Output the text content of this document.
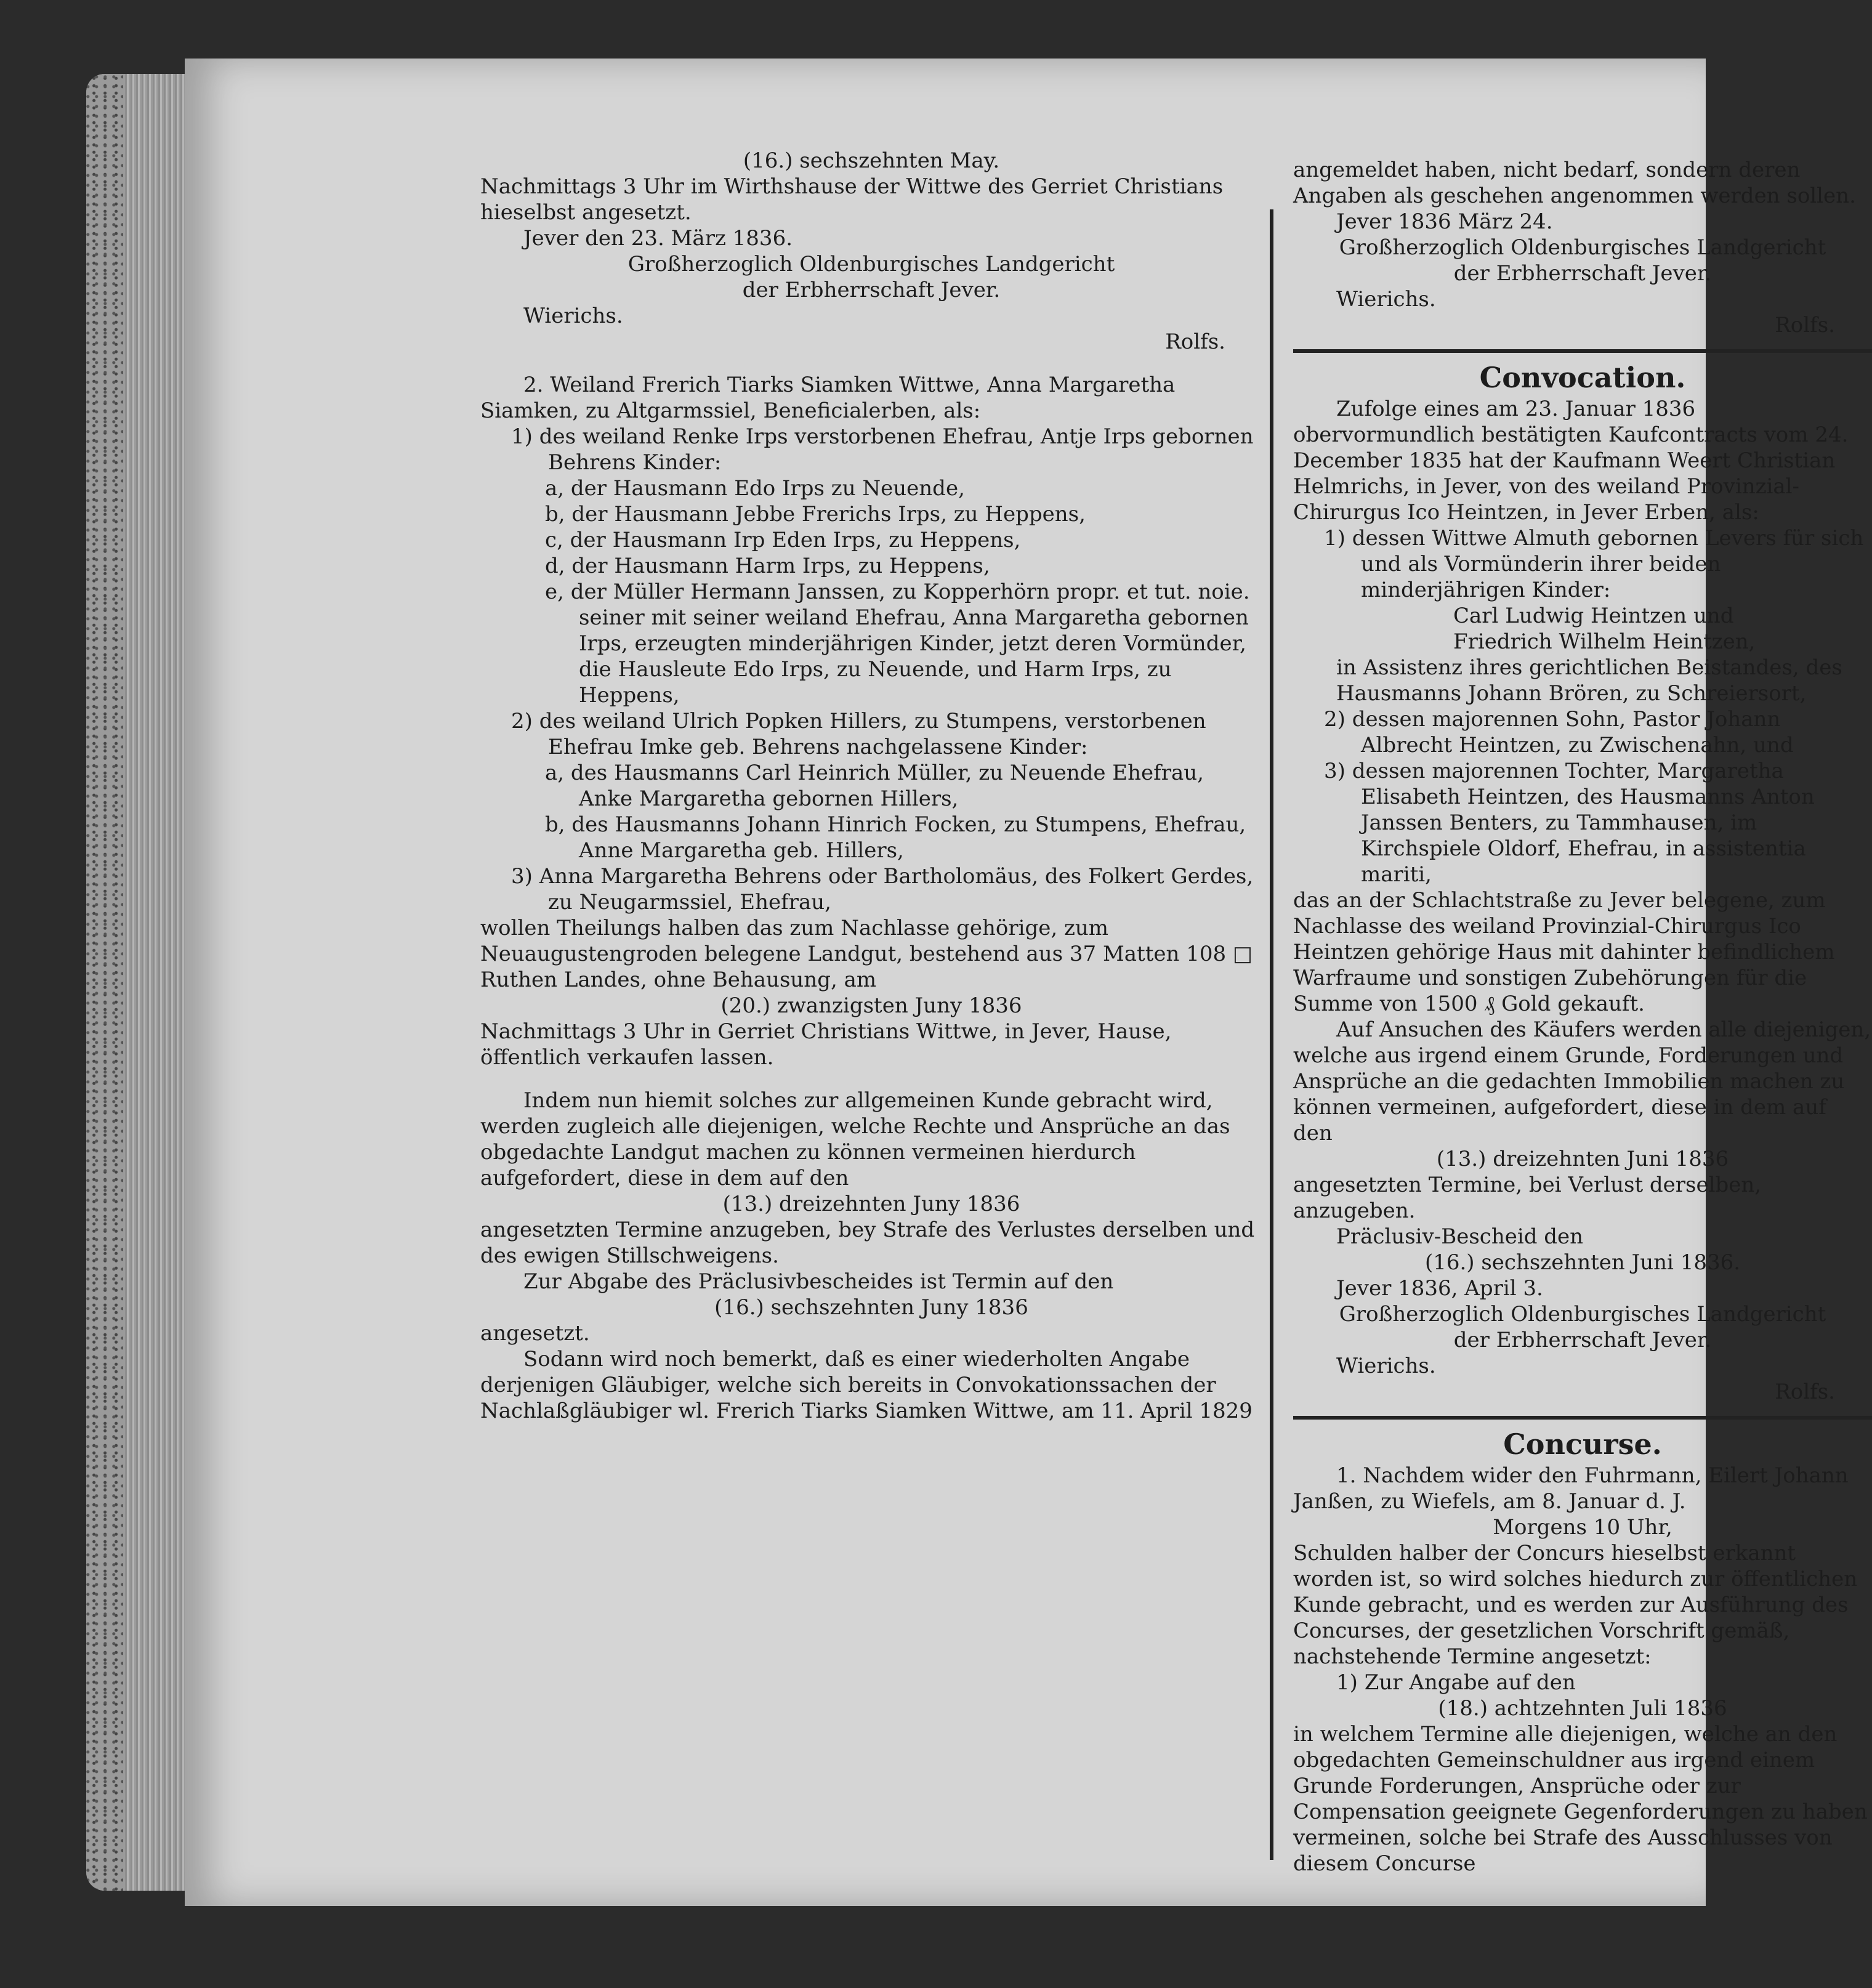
(16.) sechszehnten May.

Nachmittags 3 Uhr im Wirthshause der Wittwe des Gerriet Christians hieselbst angesetzt.

Jever den 23. März 1836.

Großherzoglich Oldenburgisches Landgericht

der Erbherrschaft Jever.

Wierichs.

Rolfs.

2. Weiland Frerich Tiarks Siamken Wittwe, Anna Margaretha Siamken, zu Altgarmssiel, Beneficialerben, als:

1) des weiland Renke Irps verstorbenen Ehefrau, Antje Irps gebornen Behrens Kinder:

a, der Hausmann Edo Irps zu Neuende,

b, der Hausmann Jebbe Frerichs Irps, zu Heppens,

c, der Hausmann Irp Eden Irps, zu Heppens,

d, der Hausmann Harm Irps, zu Heppens,

e, der Müller Hermann Janssen, zu Kopperhörn propr. et tut. noie. seiner mit seiner weiland Ehefrau, Anna Margaretha gebornen Irps, erzeugten minderjährigen Kinder, jetzt deren Vormünder, die Hausleute Edo Irps, zu Neuende, und Harm Irps, zu Heppens,

2) des weiland Ulrich Popken Hillers, zu Stumpens, verstorbenen Ehefrau Imke geb. Behrens nachgelassene Kinder:

a, des Hausmanns Carl Heinrich Müller, zu Neuende Ehefrau, Anke Margaretha gebornen Hillers,

b, des Hausmanns Johann Hinrich Focken, zu Stumpens, Ehefrau, Anne Margaretha geb. Hillers,

3) Anna Margaretha Behrens oder Bartholomäus, des Folkert Gerdes, zu Neugarmssiel, Ehefrau,

wollen Theilungs halben das zum Nachlasse gehörige, zum Neuaugustengroden belegene Landgut, bestehend aus 37 Matten 108 □ Ruthen Landes, ohne Behausung, am

(20.) zwanzigsten Juny 1836

Nachmittags 3 Uhr in Gerriet Christians Wittwe, in Jever, Hause, öffentlich verkaufen lassen.

Indem nun hiemit solches zur allgemeinen Kunde gebracht wird, werden zugleich alle diejenigen, welche Rechte und Ansprüche an das obgedachte Landgut machen zu können vermeinen hierdurch aufgefordert, diese in dem auf den

(13.) dreizehnten Juny 1836

angesetzten Termine anzugeben, bey Strafe des Verlustes derselben und des ewigen Stillschweigens.

Zur Abgabe des Präclusivbescheides ist Termin auf den

(16.) sechszehnten Juny 1836

angesetzt.

Sodann wird noch bemerkt, daß es einer wiederholten Angabe derjenigen Gläubiger, welche sich bereits in Convokationssachen der Nachlaßgläubiger wl. Frerich Tiarks Siamken Wittwe, am 11. April 1829

angemeldet haben, nicht bedarf, sondern deren Angaben als geschehen angenommen werden sollen.

Jever 1836 März 24.

Großherzoglich Oldenburgisches Landgericht

der Erbherrschaft Jever.

Wierichs.

Rolfs.

Convocation.

Zufolge eines am 23. Januar 1836 obervormundlich bestätigten Kaufcontracts vom 24. December 1835 hat der Kaufmann Weert Christian Helmrichs, in Jever, von des weiland Provinzial-Chirurgus Ico Heintzen, in Jever Erben, als:

1) dessen Wittwe Almuth gebornen Levers für sich und als Vormünderin ihrer beiden minderjährigen Kinder:

Carl Ludwig Heintzen und

Friedrich Wilhelm Heintzen,

in Assistenz ihres gerichtlichen Beistandes, des Hausmanns Johann Brören, zu Schreiersort,

2) dessen majorennen Sohn, Pastor Johann Albrecht Heintzen, zu Zwischenahn, und

3) dessen majorennen Tochter, Margaretha Elisabeth Heintzen, des Hausmanns Anton Janssen Benters, zu Tammhausen, im Kirchspiele Oldorf, Ehefrau, in assistentia mariti,

das an der Schlachtstraße zu Jever belegene, zum Nachlasse des weiland Provinzial-Chirurgus Ico Heintzen gehörige Haus mit dahinter befindlichem Warfraume und sonstigen Zubehörungen für die Summe von 1500 ₰ Gold gekauft.

Auf Ansuchen des Käufers werden alle diejenigen, welche aus irgend einem Grunde, Forderungen und Ansprüche an die gedachten Immobilien machen zu können vermeinen, aufgefordert, diese in dem auf den

(13.) dreizehnten Juni 1836

angesetzten Termine, bei Verlust derselben, anzugeben.

Präclusiv-Bescheid den

(16.) sechszehnten Juni 1836.

Jever 1836, April 3.

Großherzoglich Oldenburgisches Landgericht

der Erbherrschaft Jever.

Wierichs.

Rolfs.

Concurse.

1. Nachdem wider den Fuhrmann, Eilert Johann Janßen, zu Wiefels, am 8. Januar d. J.

Morgens 10 Uhr,

Schulden halber der Concurs hieselbst erkannt worden ist, so wird solches hiedurch zur öffentlichen Kunde gebracht, und es werden zur Ausführung des Concurses, der gesetzlichen Vorschrift gemäß, nachstehende Termine angesetzt:

1) Zur Angabe auf den

(18.) achtzehnten Juli 1836

in welchem Termine alle diejenigen, welche an den obgedachten Gemeinschuldner aus irgend einem Grunde Forderungen, Ansprüche oder zur Compensation geeignete Gegenforderungen zu haben vermeinen, solche bei Strafe des Ausschlusses von diesem Concurse
